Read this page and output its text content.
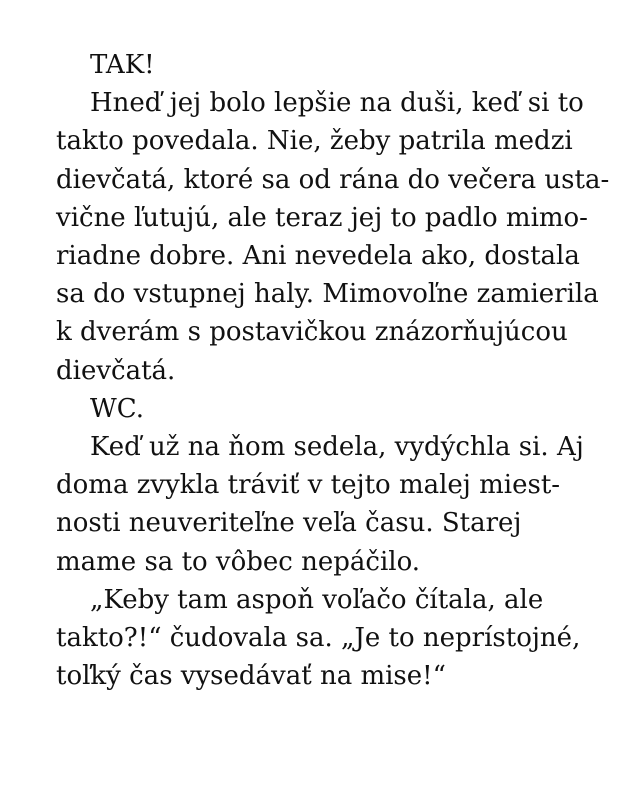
TAK!
Hneď jej bolo lepšie na duši, keď si to
takto povedala. Nie, žeby patrila medzi
dievčatá, ktoré sa od rána do večera usta-
vične ľutujú, ale teraz jej to padlo mimo-
riadne dobre. Ani nevedela ako, dostala
sa do vstupnej haly. Mimovoľne zamierila
k dverám s postavičkou znázorňujúcou
dievčatá.
WC.
Keď už na ňom sedela, vydýchla si. Aj
doma zvykla tráviť v tejto malej miest-
nosti neuveriteľne veľa času. Starej
mame sa to vôbec nepáčilo.
„Keby tam aspoň voľačo čítala, ale
takto?!“ čudovala sa. „Je to neprístojné,
toľký čas vysedávať na mise!“
